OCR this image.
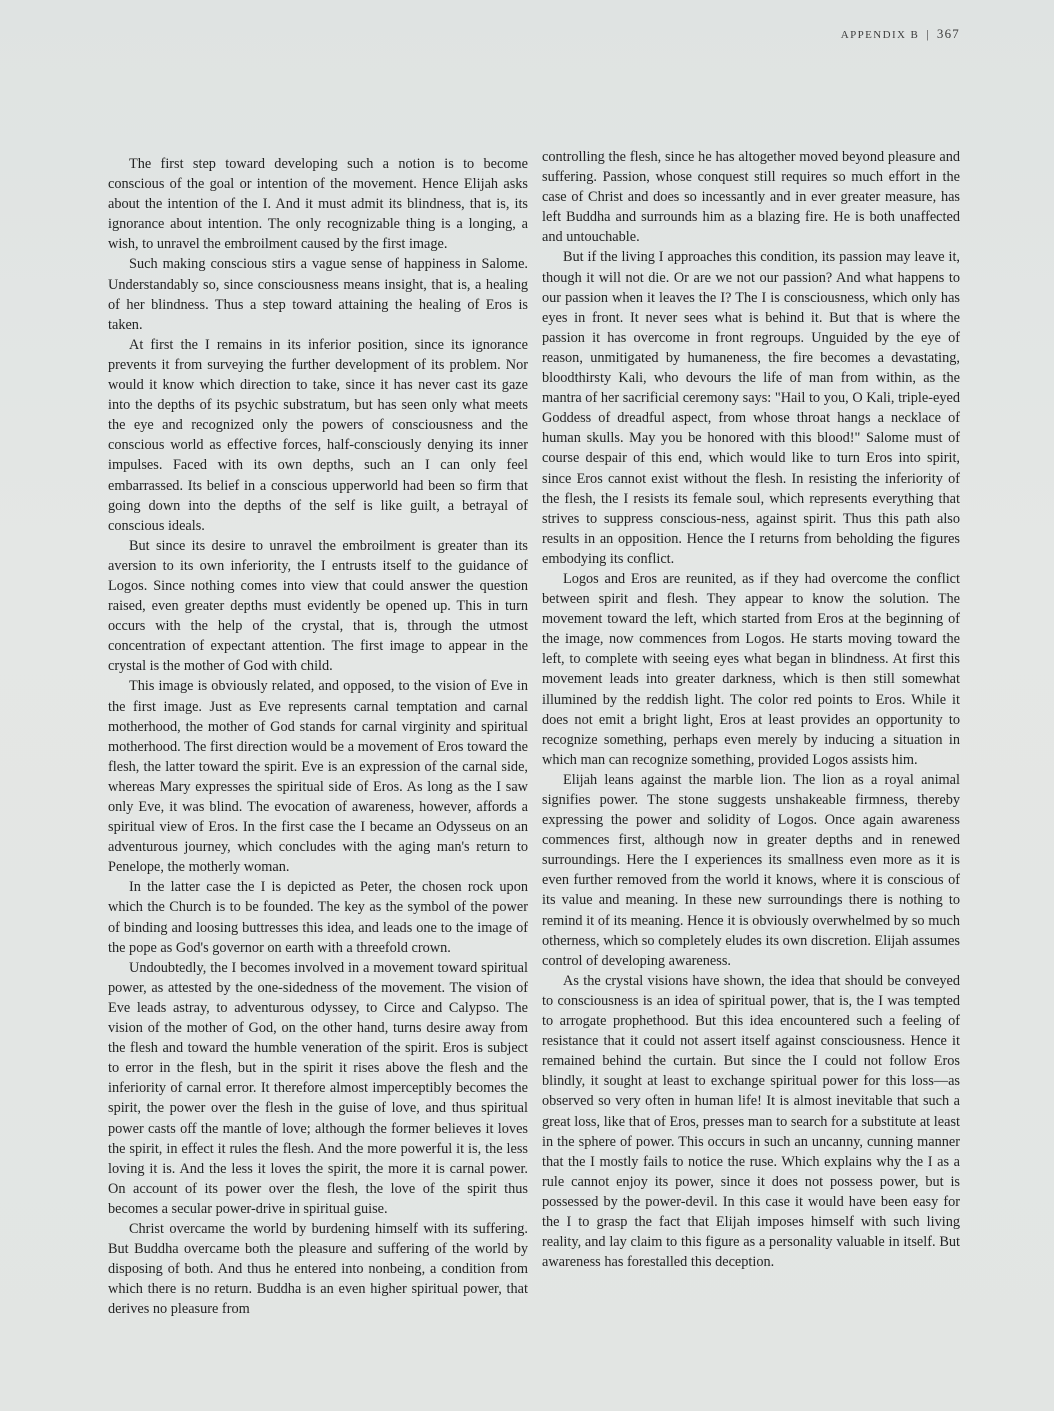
APPENDIX B | 367

The first step toward developing such a notion is to become conscious of the goal or intention of the movement. Hence Elijah asks about the intention of the I. And it must admit its blindness, that is, its ignorance about intention. The only recognizable thing is a longing, a wish, to unravel the embroilment caused by the first image.

Such making conscious stirs a vague sense of happiness in Salome. Understandably so, since consciousness means insight, that is, a healing of her blindness. Thus a step toward attaining the healing of Eros is taken.

At first the I remains in its inferior position, since its ignorance prevents it from surveying the further development of its problem. Nor would it know which direction to take, since it has never cast its gaze into the depths of its psychic substratum, but has seen only what meets the eye and recognized only the powers of consciousness and the conscious world as effective forces, half-consciously denying its inner impulses. Faced with its own depths, such an I can only feel embarrassed. Its belief in a conscious upperworld had been so firm that going down into the depths of the self is like guilt, a betrayal of conscious ideals.

But since its desire to unravel the embroilment is greater than its aversion to its own inferiority, the I entrusts itself to the guidance of Logos. Since nothing comes into view that could answer the question raised, even greater depths must evidently be opened up. This in turn occurs with the help of the crystal, that is, through the utmost concentration of expectant attention. The first image to appear in the crystal is the mother of God with child.

This image is obviously related, and opposed, to the vision of Eve in the first image. Just as Eve represents carnal temptation and carnal motherhood, the mother of God stands for carnal virginity and spiritual motherhood. The first direction would be a movement of Eros toward the flesh, the latter toward the spirit. Eve is an expression of the carnal side, whereas Mary expresses the spiritual side of Eros. As long as the I saw only Eve, it was blind. The evocation of awareness, however, affords a spiritual view of Eros. In the first case the I became an Odysseus on an adventurous journey, which concludes with the aging man's return to Penelope, the motherly woman.

In the latter case the I is depicted as Peter, the chosen rock upon which the Church is to be founded. The key as the symbol of the power of binding and loosing buttresses this idea, and leads one to the image of the pope as God's governor on earth with a threefold crown.

Undoubtedly, the I becomes involved in a movement toward spiritual power, as attested by the one-sidedness of the movement. The vision of Eve leads astray, to adventurous odyssey, to Circe and Calypso. The vision of the mother of God, on the other hand, turns desire away from the flesh and toward the humble veneration of the spirit. Eros is subject to error in the flesh, but in the spirit it rises above the flesh and the inferiority of carnal error. It therefore almost imperceptibly becomes the spirit, the power over the flesh in the guise of love, and thus spiritual power casts off the mantle of love; although the former believes it loves the spirit, in effect it rules the flesh. And the more powerful it is, the less loving it is. And the less it loves the spirit, the more it is carnal power. On account of its power over the flesh, the love of the spirit thus becomes a secular power-drive in spiritual guise.

Christ overcame the world by burdening himself with its suffering. But Buddha overcame both the pleasure and suffering of the world by disposing of both. And thus he entered into nonbeing, a condition from which there is no return. Buddha is an even higher spiritual power, that derives no pleasure from

controlling the flesh, since he has altogether moved beyond pleasure and suffering. Passion, whose conquest still requires so much effort in the case of Christ and does so incessantly and in ever greater measure, has left Buddha and surrounds him as a blazing fire. He is both unaffected and untouchable.

But if the living I approaches this condition, its passion may leave it, though it will not die. Or are we not our passion? And what happens to our passion when it leaves the I? The I is consciousness, which only has eyes in front. It never sees what is behind it. But that is where the passion it has overcome in front regroups. Unguided by the eye of reason, unmitigated by humaneness, the fire becomes a devastating, bloodthirsty Kali, who devours the life of man from within, as the mantra of her sacrificial ceremony says: "Hail to you, O Kali, triple-eyed Goddess of dreadful aspect, from whose throat hangs a necklace of human skulls. May you be honored with this blood!" Salome must of course despair of this end, which would like to turn Eros into spirit, since Eros cannot exist without the flesh. In resisting the inferiority of the flesh, the I resists its female soul, which represents everything that strives to suppress conscious-ness, against spirit. Thus this path also results in an opposition. Hence the I returns from beholding the figures embodying its conflict.

Logos and Eros are reunited, as if they had overcome the conflict between spirit and flesh. They appear to know the solution. The movement toward the left, which started from Eros at the beginning of the image, now commences from Logos. He starts moving toward the left, to complete with seeing eyes what began in blindness. At first this movement leads into greater darkness, which is then still somewhat illumined by the reddish light. The color red points to Eros. While it does not emit a bright light, Eros at least provides an opportunity to recognize something, perhaps even merely by inducing a situation in which man can recognize something, provided Logos assists him.

Elijah leans against the marble lion. The lion as a royal animal signifies power. The stone suggests unshakeable firmness, thereby expressing the power and solidity of Logos. Once again awareness commences first, although now in greater depths and in renewed surroundings. Here the I experiences its smallness even more as it is even further removed from the world it knows, where it is conscious of its value and meaning. In these new surroundings there is nothing to remind it of its meaning. Hence it is obviously overwhelmed by so much otherness, which so completely eludes its own discretion. Elijah assumes control of developing awareness.

As the crystal visions have shown, the idea that should be conveyed to consciousness is an idea of spiritual power, that is, the I was tempted to arrogate prophethood. But this idea encountered such a feeling of resistance that it could not assert itself against consciousness. Hence it remained behind the curtain. But since the I could not follow Eros blindly, it sought at least to exchange spiritual power for this loss—as observed so very often in human life! It is almost inevitable that such a great loss, like that of Eros, presses man to search for a substitute at least in the sphere of power. This occurs in such an uncanny, cunning manner that the I mostly fails to notice the ruse. Which explains why the I as a rule cannot enjoy its power, since it does not possess power, but is possessed by the power-devil. In this case it would have been easy for the I to grasp the fact that Elijah imposes himself with such living reality, and lay claim to this figure as a personality valuable in itself. But awareness has forestalled this deception.
